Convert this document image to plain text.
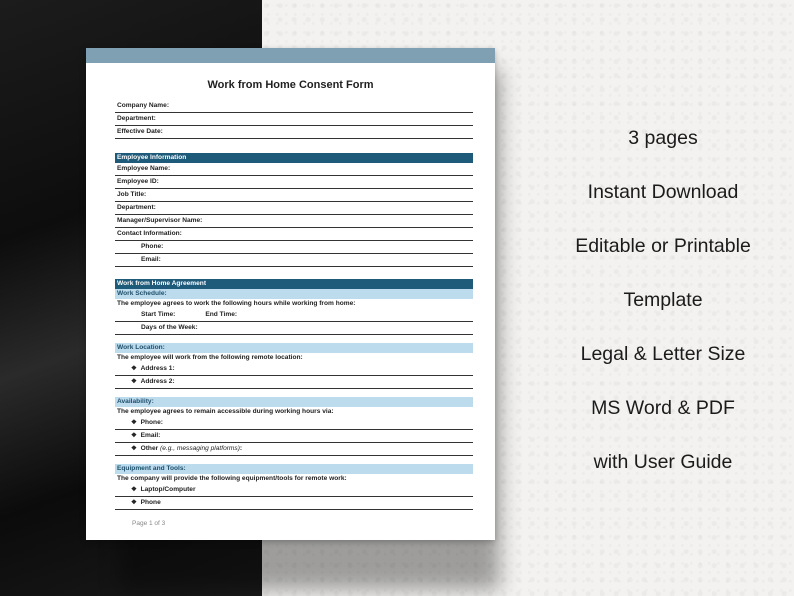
Work from Home Consent Form
Company Name:
Department:
Effective Date:
Employee Information
Employee Name:
Employee ID:
Job Title:
Department:
Manager/Supervisor Name:
Contact Information:
Phone:
Email:
Work from Home Agreement
Work Schedule:
The employee agrees to work the following hours while working from home:
Start Time:	End Time:
Days of the Week:
Work Location:
The employee will work from the following remote location:
❖ Address 1:
❖ Address 2:
Availability:
The employee agrees to remain accessible during working hours via:
❖ Phone:
❖ Email:
❖ Other (e.g., messaging platforms):
Equipment and Tools:
The company will provide the following equipment/tools for remote work:
❖ Laptop/Computer
❖ Phone
Page 1 of 3
3 pages
Instant Download
Editable or Printable
Template
Legal & Letter Size
MS Word & PDF
with User Guide
